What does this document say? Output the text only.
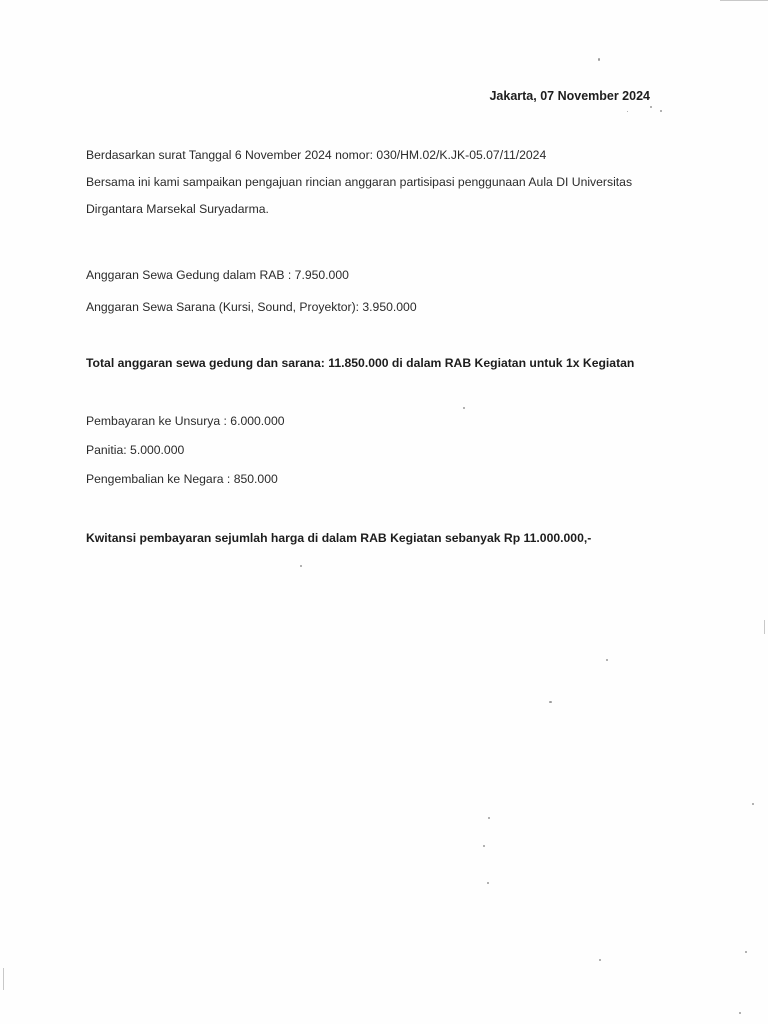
Jakarta, 07 November 2024
Berdasarkan surat Tanggal 6 November 2024 nomor: 030/HM.02/K.JK-05.07/11/2024
Bersama ini kami sampaikan pengajuan rincian anggaran partisipasi penggunaan Aula DI Universitas
Dirgantara Marsekal Suryadarma.
Anggaran Sewa Gedung dalam RAB : 7.950.000
Anggaran Sewa Sarana (Kursi, Sound, Proyektor): 3.950.000
Total anggaran sewa gedung dan sarana: 11.850.000 di dalam RAB Kegiatan untuk 1x Kegiatan
Pembayaran ke Unsurya : 6.000.000
Panitia: 5.000.000
Pengembalian ke Negara : 850.000
Kwitansi pembayaran sejumlah harga di dalam RAB Kegiatan sebanyak Rp 11.000.000,-
